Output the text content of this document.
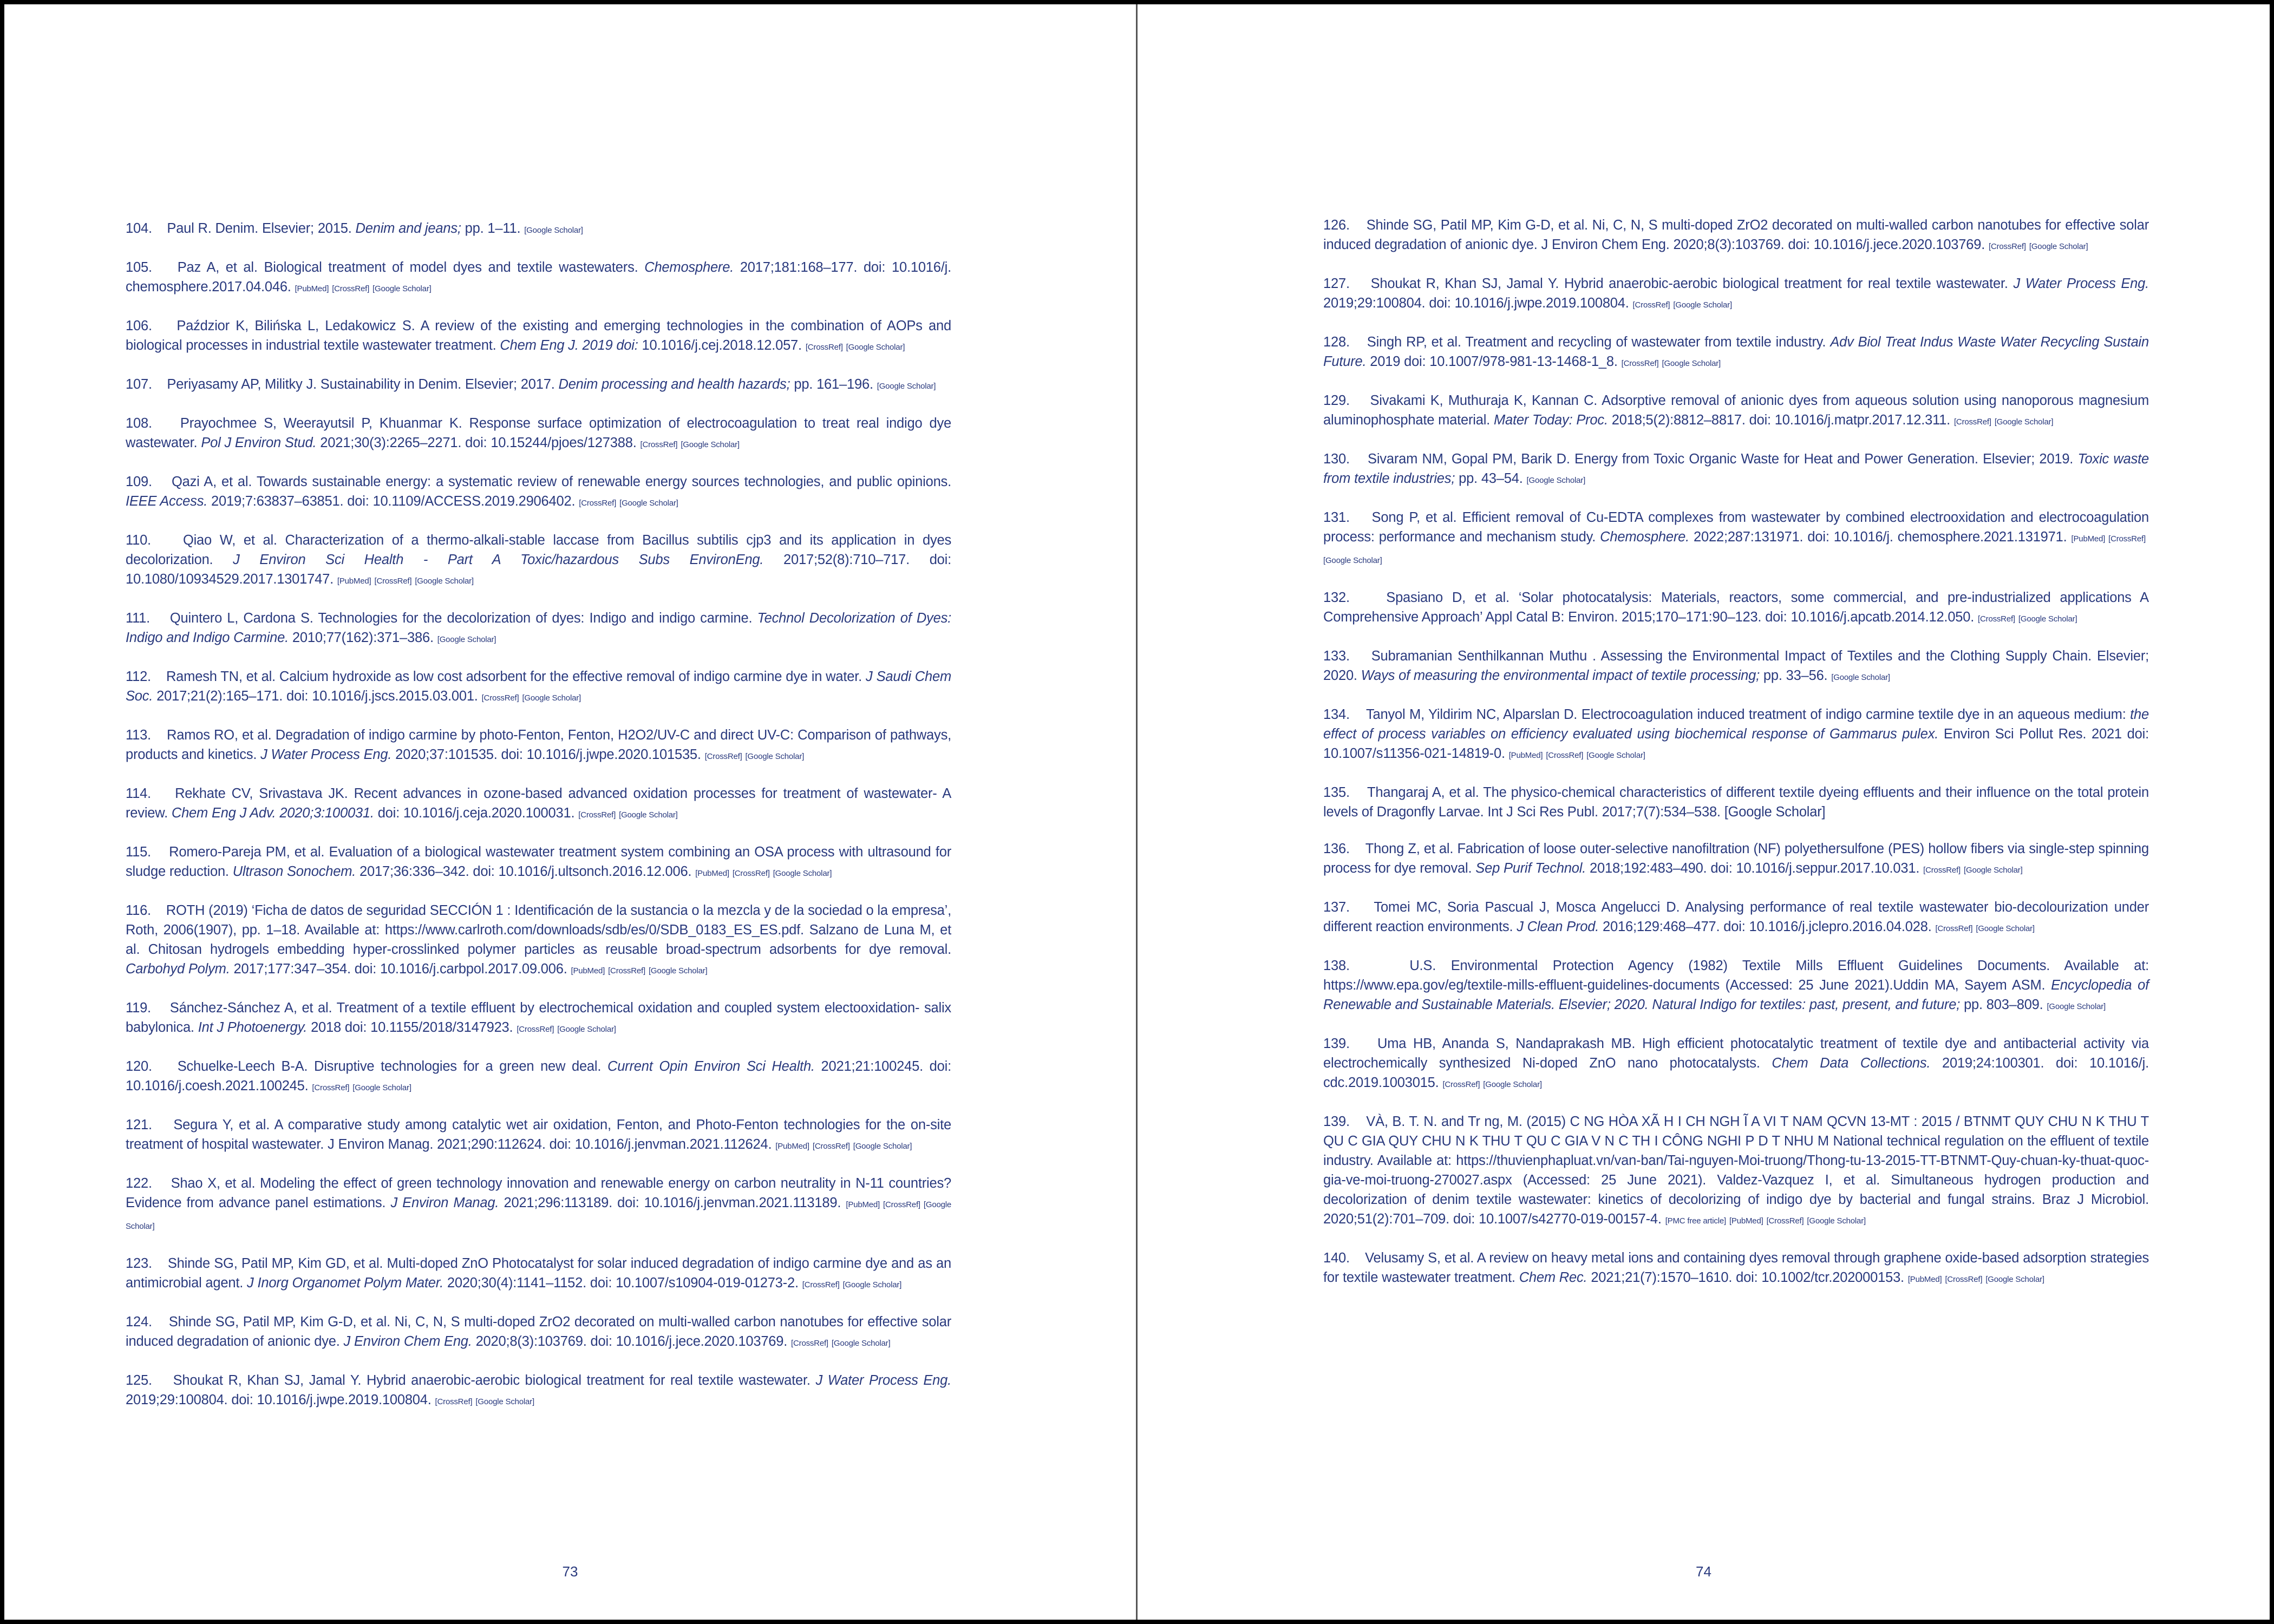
104. Paul R. Denim. Elsevier; 2015. Denim and jeans; pp. 1–11. [Google Scholar]

105. Paz A, et al. Biological treatment of model dyes and textile wastewaters. Chemosphere. 2017;181:168–177. doi: 10.1016/j. chemosphere.2017.04.046. [PubMed] [CrossRef] [Google Scholar]

106. Paździor K, Bilińska L, Ledakowicz S. A review of the existing and emerging technologies in the combination of AOPs and biological processes in industrial textile wastewater treatment. Chem Eng J. 2019 doi: 10.1016/j.cej.2018.12.057. [CrossRef] [Google Scholar]

107. Periyasamy AP, Militky J. Sustainability in Denim. Elsevier; 2017. Denim processing and health hazards; pp. 161–196. [Google Scholar]

108. Prayochmee S, Weerayutsil P, Khuanmar K. Response surface optimization of electrocoagulation to treat real indigo dye wastewater. Pol J Environ Stud. 2021;30(3):2265–2271. doi: 10.15244/pjoes/127388. [CrossRef] [Google Scholar]

109. Qazi A, et al. Towards sustainable energy: a systematic review of renewable energy sources technologies, and public opinions. IEEE Access. 2019;7:63837–63851. doi: 10.1109/ACCESS.2019.2906402. [CrossRef] [Google Scholar]

110. Qiao W, et al. Characterization of a thermo-alkali-stable laccase from Bacillus subtilis cjp3 and its application in dyes decolorization. J Environ Sci Health - Part A Toxic/hazardous Subs EnvironEng. 2017;52(8):710–717. doi: 10.1080/10934529.2017.1301747. [PubMed] [CrossRef] [Google Scholar]

111. Quintero L, Cardona S. Technologies for the decolorization of dyes: Indigo and indigo carmine. Technol Decolorization of Dyes: Indigo and Indigo Carmine. 2010;77(162):371–386. [Google Scholar]

112. Ramesh TN, et al. Calcium hydroxide as low cost adsorbent for the effective removal of indigo carmine dye in water. J Saudi Chem Soc. 2017;21(2):165–171. doi: 10.1016/j.jscs.2015.03.001. [CrossRef] [Google Scholar]

113. Ramos RO, et al. Degradation of indigo carmine by photo-Fenton, Fenton, H2O2/UV-C and direct UV-C: Comparison of pathways, products and kinetics. J Water Process Eng. 2020;37:101535. doi: 10.1016/j.jwpe.2020.101535. [CrossRef] [Google Scholar]

114. Rekhate CV, Srivastava JK. Recent advances in ozone-based advanced oxidation processes for treatment of wastewater- A review. Chem Eng J Adv. 2020;3:100031. doi: 10.1016/j.ceja.2020.100031. [CrossRef] [Google Scholar]

115. Romero-Pareja PM, et al. Evaluation of a biological wastewater treatment system combining an OSA process with ultrasound for sludge reduction. Ultrason Sonochem. 2017;36:336–342. doi: 10.1016/j.ultsonch.2016.12.006. [PubMed] [CrossRef] [Google Scholar]

116. ROTH (2019) ‘Ficha de datos de seguridad SECCIÓN 1 : Identificación de la sustancia o la mezcla y de la sociedad o la empresa’, Roth, 2006(1907), pp. 1–18. Available at: https://www.carlroth.com/downloads/sdb/es/0/SDB_0183_ES_ES.pdf. Salzano de Luna M, et al. Chitosan hydrogels embedding hyper-crosslinked polymer particles as reusable broad-spectrum adsorbents for dye removal. Carbohyd Polym. 2017;177:347–354. doi: 10.1016/j.carbpol.2017.09.006. [PubMed] [CrossRef] [Google Scholar]

119. Sánchez-Sánchez A, et al. Treatment of a textile effluent by electrochemical oxidation and coupled system electooxidation- salix babylonica. Int J Photoenergy. 2018 doi: 10.1155/2018/3147923. [CrossRef] [Google Scholar]

120. Schuelke-Leech B-A. Disruptive technologies for a green new deal. Current Opin Environ Sci Health. 2021;21:100245. doi: 10.1016/j.coesh.2021.100245. [CrossRef] [Google Scholar]

121. Segura Y, et al. A comparative study among catalytic wet air oxidation, Fenton, and Photo-Fenton technologies for the on-site treatment of hospital wastewater. J Environ Manag. 2021;290:112624. doi: 10.1016/j.jenvman.2021.112624. [PubMed] [CrossRef] [Google Scholar]

122. Shao X, et al. Modeling the effect of green technology innovation and renewable energy on carbon neutrality in N-11 countries? Evidence from advance panel estimations. J Environ Manag. 2021;296:113189. doi: 10.1016/j.jenvman.2021.113189. [PubMed] [CrossRef] [Google Scholar]

123. Shinde SG, Patil MP, Kim GD, et al. Multi-doped ZnO Photocatalyst for solar induced degradation of indigo carmine dye and as an antimicrobial agent. J Inorg Organomet Polym Mater. 2020;30(4):1141–1152. doi: 10.1007/s10904-019-01273-2. [CrossRef] [Google Scholar]

124. Shinde SG, Patil MP, Kim G-D, et al. Ni, C, N, S multi-doped ZrO2 decorated on multi-walled carbon nanotubes for effective solar induced degradation of anionic dye. J Environ Chem Eng. 2020;8(3):103769. doi: 10.1016/j.jece.2020.103769. [CrossRef] [Google Scholar]

125. Shoukat R, Khan SJ, Jamal Y. Hybrid anaerobic-aerobic biological treatment for real textile wastewater. J Water Process Eng. 2019;29:100804. doi: 10.1016/j.jwpe.2019.100804. [CrossRef] [Google Scholar]

73

126. Shinde SG, Patil MP, Kim G-D, et al. Ni, C, N, S multi-doped ZrO2 decorated on multi-walled carbon nanotubes for effective solar induced degradation of anionic dye. J Environ Chem Eng. 2020;8(3):103769. doi: 10.1016/j.jece.2020.103769. [CrossRef] [Google Scholar]

127. Shoukat R, Khan SJ, Jamal Y. Hybrid anaerobic-aerobic biological treatment for real textile wastewater. J Water Process Eng. 2019;29:100804. doi: 10.1016/j.jwpe.2019.100804. [CrossRef] [Google Scholar]

128. Singh RP, et al. Treatment and recycling of wastewater from textile industry. Adv Biol Treat Indus Waste Water Recycling Sustain Future. 2019 doi: 10.1007/978-981-13-1468-1_8. [CrossRef] [Google Scholar]

129. Sivakami K, Muthuraja K, Kannan C. Adsorptive removal of anionic dyes from aqueous solution using nanoporous magnesium aluminophosphate material. Mater Today: Proc. 2018;5(2):8812–8817. doi: 10.1016/j.matpr.2017.12.311. [CrossRef] [Google Scholar]

130. Sivaram NM, Gopal PM, Barik D. Energy from Toxic Organic Waste for Heat and Power Generation. Elsevier; 2019. Toxic waste from textile industries; pp. 43–54. [Google Scholar]

131. Song P, et al. Efficient removal of Cu-EDTA complexes from wastewater by combined electrooxidation and electrocoagulation process: performance and mechanism study. Chemosphere. 2022;287:131971. doi: 10.1016/j. chemosphere.2021.131971. [PubMed] [CrossRef][Google Scholar]

132.	Spasiano D, et al. ‘Solar photocatalysis: Materials, reactors, some commercial, and pre-industrialized applications A Comprehensive Approach’ Appl Catal B: Environ. 2015;170–171:90–123. doi: 10.1016/j.apcatb.2014.12.050. [CrossRef] [Google Scholar]

133. Subramanian Senthilkannan Muthu . Assessing the Environmental Impact of Textiles and the Clothing Supply Chain. Elsevier; 2020. Ways of measuring the environmental impact of textile processing; pp. 33–56. [Google Scholar]

134. Tanyol M, Yildirim NC, Alparslan D. Electrocoagulation induced treatment of indigo carmine textile dye in an aqueous medium: the effect of process variables on efficiency evaluated using biochemical response of Gammarus pulex. Environ Sci Pollut Res. 2021 doi: 10.1007/s11356-021-14819-0. [PubMed] [CrossRef] [Google Scholar]

135. Thangaraj A, et al. The physico-chemical characteristics of different textile dyeing effluents and their influence on the total protein levels of Dragonfly Larvae. Int J Sci Res Publ. 2017;7(7):534–538. [Google Scholar]

136. Thong Z, et al. Fabrication of loose outer-selective nanofiltration (NF) polyethersulfone (PES) hollow fibers via single-step spinning process for dye removal. Sep Purif Technol. 2018;192:483–490. doi: 10.1016/j.seppur.2017.10.031. [CrossRef] [Google Scholar]

137. Tomei MC, Soria Pascual J, Mosca Angelucci D. Analysing performance of real textile wastewater bio-decolourization under different reaction environments. J Clean Prod. 2016;129:468–477. doi: 10.1016/j.jclepro.2016.04.028. [CrossRef] [Google Scholar]

138.	U.S. Environmental Protection Agency (1982) Textile Mills Effluent Guidelines Documents. Available at: https://www.epa.gov/eg/textile-mills-effluent-guidelines-documents (Accessed: 25 June 2021).Uddin MA, Sayem ASM. Encyclopedia of Renewable and Sustainable Materials. Elsevier; 2020. Natural Indigo for textiles: past, present, and future; pp. 803–809. [Google Scholar]

139. Uma HB, Ananda S, Nandaprakash MB. High efficient photocatalytic treatment of textile dye and antibacterial activity via electrochemically synthesized Ni-doped ZnO nano photocatalysts. Chem Data Collections. 2019;24:100301. doi: 10.1016/j. cdc.2019.1003015. [CrossRef] [Google Scholar]

139. VÀ, B. T. N. and Tr ng, M. (2015) C NG HÒA XÃ H I CH NGH Ĩ A VI T NAM QCVN 13-MT : 2015 / BTNMT QUY CHU N K THU T QU C GIA QUY CHU N K THU T QU C GIA V N C TH I CÔNG NGHI P D T NHU M National technical regulation on the effluent of textile industry. Available at: https://thuvienphapluat.vn/van-ban/Tai-nguyen-Moi-truong/Thong-tu-13-2015-TT-BTNMT-Quy-chuan-ky-thuat-quoc-gia-ve-moi-truong-270027.aspx (Accessed: 25 June 2021). Valdez-Vazquez I, et al. Simultaneous hydrogen production and decolorization of denim textile wastewater: kinetics of decolorizing of indigo dye by bacterial and fungal strains. Braz J Microbiol. 2020;51(2):701–709. doi: 10.1007/s42770-019-00157-4. [PMC free article] [PubMed] [CrossRef] [Google Scholar]

140. Velusamy S, et al. A review on heavy metal ions and containing dyes removal through graphene oxide-based adsorption strategies for textile wastewater treatment. Chem Rec. 2021;21(7):1570–1610. doi: 10.1002/tcr.202000153. [PubMed] [CrossRef] [Google Scholar]

74
